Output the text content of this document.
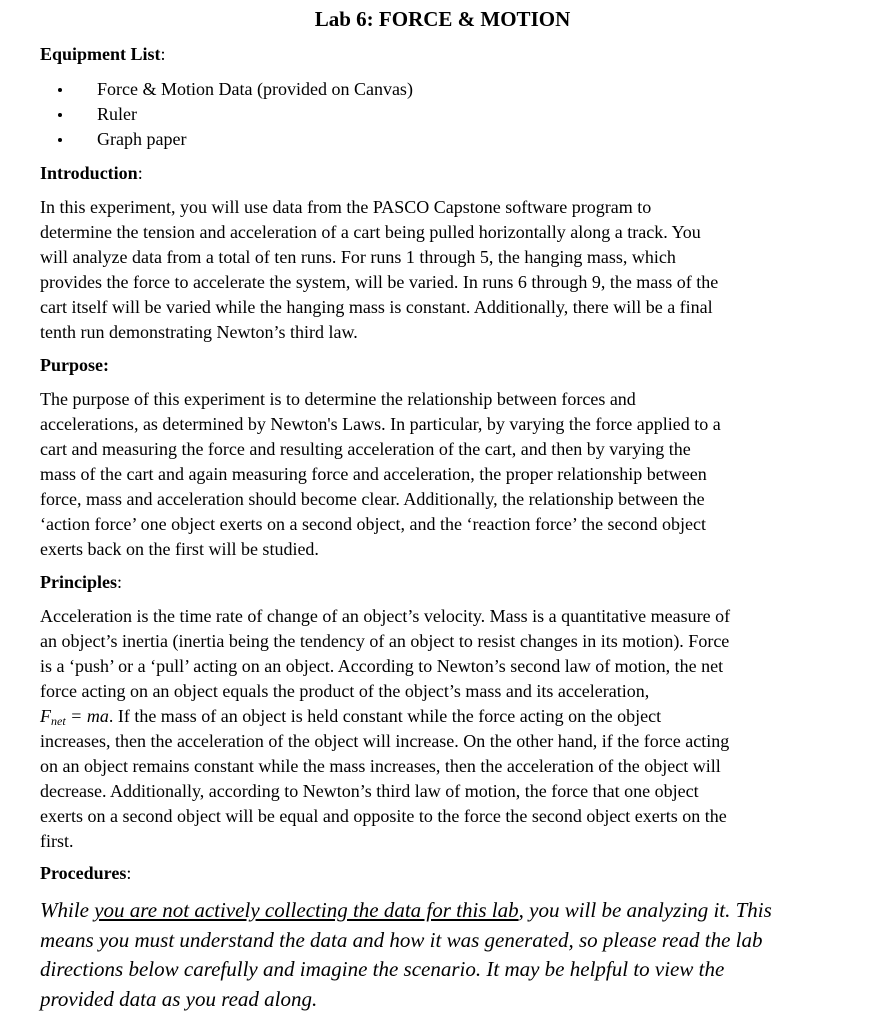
Lab 6: FORCE & MOTION
Equipment List:
Force & Motion Data (provided on Canvas)
Ruler
Graph paper
Introduction:

In this experiment, you will use data from the PASCO Capstone software program to
determine the tension and acceleration of a cart being pulled horizontally along a track. You
will analyze data from a total of ten runs. For runs 1 through 5, the hanging mass, which
provides the force to accelerate the system, will be varied. In runs 6 through 9, the mass of the
cart itself will be varied while the hanging mass is constant. Additionally, there will be a final
tenth run demonstrating Newton’s third law.

Purpose:

The purpose of this experiment is to determine the relationship between forces and
accelerations, as determined by Newton's Laws. In particular, by varying the force applied to a
cart and measuring the force and resulting acceleration of the cart, and then by varying the
mass of the cart and again measuring force and acceleration, the proper relationship between
force, mass and acceleration should become clear. Additionally, the relationship between the
‘action force’ one object exerts on a second object, and the ‘reaction force’ the second object
exerts back on the first will be studied.

Principles:

Acceleration is the time rate of change of an object’s velocity. Mass is a quantitative measure of
an object’s inertia (inertia being the tendency of an object to resist changes in its motion). Force
is a ‘push’ or a ‘pull’ acting on an object. According to Newton’s second law of motion, the net
force acting on an object equals the product of the object’s mass and its acceleration,
$F_{net}$ = ma. If the mass of an object is held constant while the force acting on the object
increases, then the acceleration of the object will increase. On the other hand, if the force acting
on an object remains constant while the mass increases, then the acceleration of the object will
decrease. Additionally, according to Newton’s third law of motion, the force that one object
exerts on a second object will be equal and opposite to the force the second object exerts on the
first.

Procedures:

While you are not actively collecting the data for this lab, you will be analyzing it. This
means you must understand the data and how it was generated, so please read the lab
directions below carefully and imagine the scenario. It may be helpful to view the
provided data as you read along.
